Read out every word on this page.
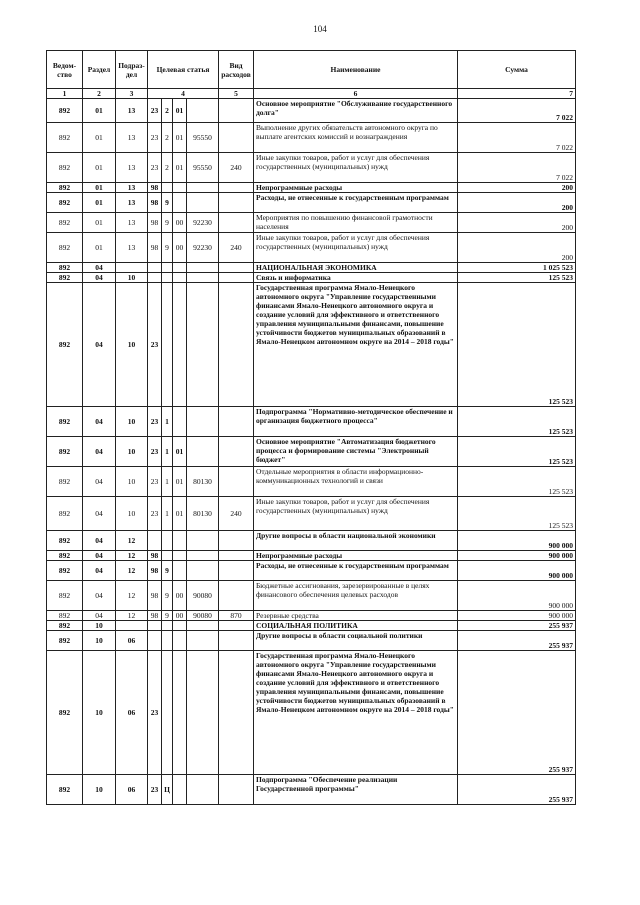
104
Ведом-ство	Раздел	Подраз-дел	Целевая статья				Вид расходов	Наименование	Сумма
1	2	3	4				5	6	7
892	01	13	23	2	01			Основное мероприятие "Обслуживание государственного долга"	7 022
892	01	13	23	2	01	95550		Выполнение других обязательств автономного округа по выплате агентских комиссий и вознаграждения	7 022
892	01	13	23	2	01	95550	240	Иные закупки товаров, работ и услуг для обеспечения государственных (муниципальных) нужд	7 022
892	01	13	98					Непрограммные расходы	200
892	01	13	98	9				Расходы, не отнесенные к государственным программам	200
892	01	13	98	9	00	92230		Мероприятия по повышению финансовой грамотности населения	200
892	01	13	98	9	00	92230	240	Иные закупки товаров, работ и услуг для обеспечения государственных (муниципальных) нужд	200
892	04							НАЦИОНАЛЬНАЯ ЭКОНОМИКА	1 025 523
892	04	10						Связь и информатика	125 523
892	04	10	23					Государственная программа Ямало-Ненецкого автономного округа "Управление государственными финансами Ямало-Ненецкого автономного округа и создание условий для эффективного и ответственного управления муниципальными финансами, повышение устойчивости бюджетов муниципальных образований в Ямало-Ненецком автономном округе на 2014 – 2018 годы"	125 523
892	04	10	23	1				Подпрограмма "Нормативно-методическое обеспечение и организация бюджетного процесса"	125 523
892	04	10	23	1	01			Основное мероприятие "Автоматизация бюджетного процесса и формирование системы "Электронный бюджет"	125 523
892	04	10	23	1	01	80130		Отдельные мероприятия в области информационно-коммуникационных технологий и связи	125 523
892	04	10	23	1	01	80130	240	Иные закупки товаров, работ и услуг для обеспечения государственных (муниципальных) нужд	125 523
892	04	12						Другие вопросы в области национальной экономики	900 000
892	04	12	98					Непрограммные расходы	900 000
892	04	12	98	9				Расходы, не отнесенные к государственным программам	900 000
892	04	12	98	9	00	90080		Бюджетные ассигнования, зарезервированные в целях финансового обеспечения целевых расходов	900 000
892	04	12	98	9	00	90080	870	Резервные средства	900 000
892	10							СОЦИАЛЬНАЯ ПОЛИТИКА	255 937
892	10	06						Другие вопросы в области социальной политики	255 937
892	10	06	23					Государственная программа Ямало-Ненецкого автономного округа "Управление государственными финансами Ямало-Ненецкого автономного округа и создание условий для эффективного и ответственного управления муниципальными финансами, повышение устойчивости бюджетов муниципальных образований в Ямало-Ненецком автономном округе на 2014 – 2018 годы"	255 937
892	10	06	23	Ц				Подпрограмма "Обеспечение реализации Государственной программы"	255 937
